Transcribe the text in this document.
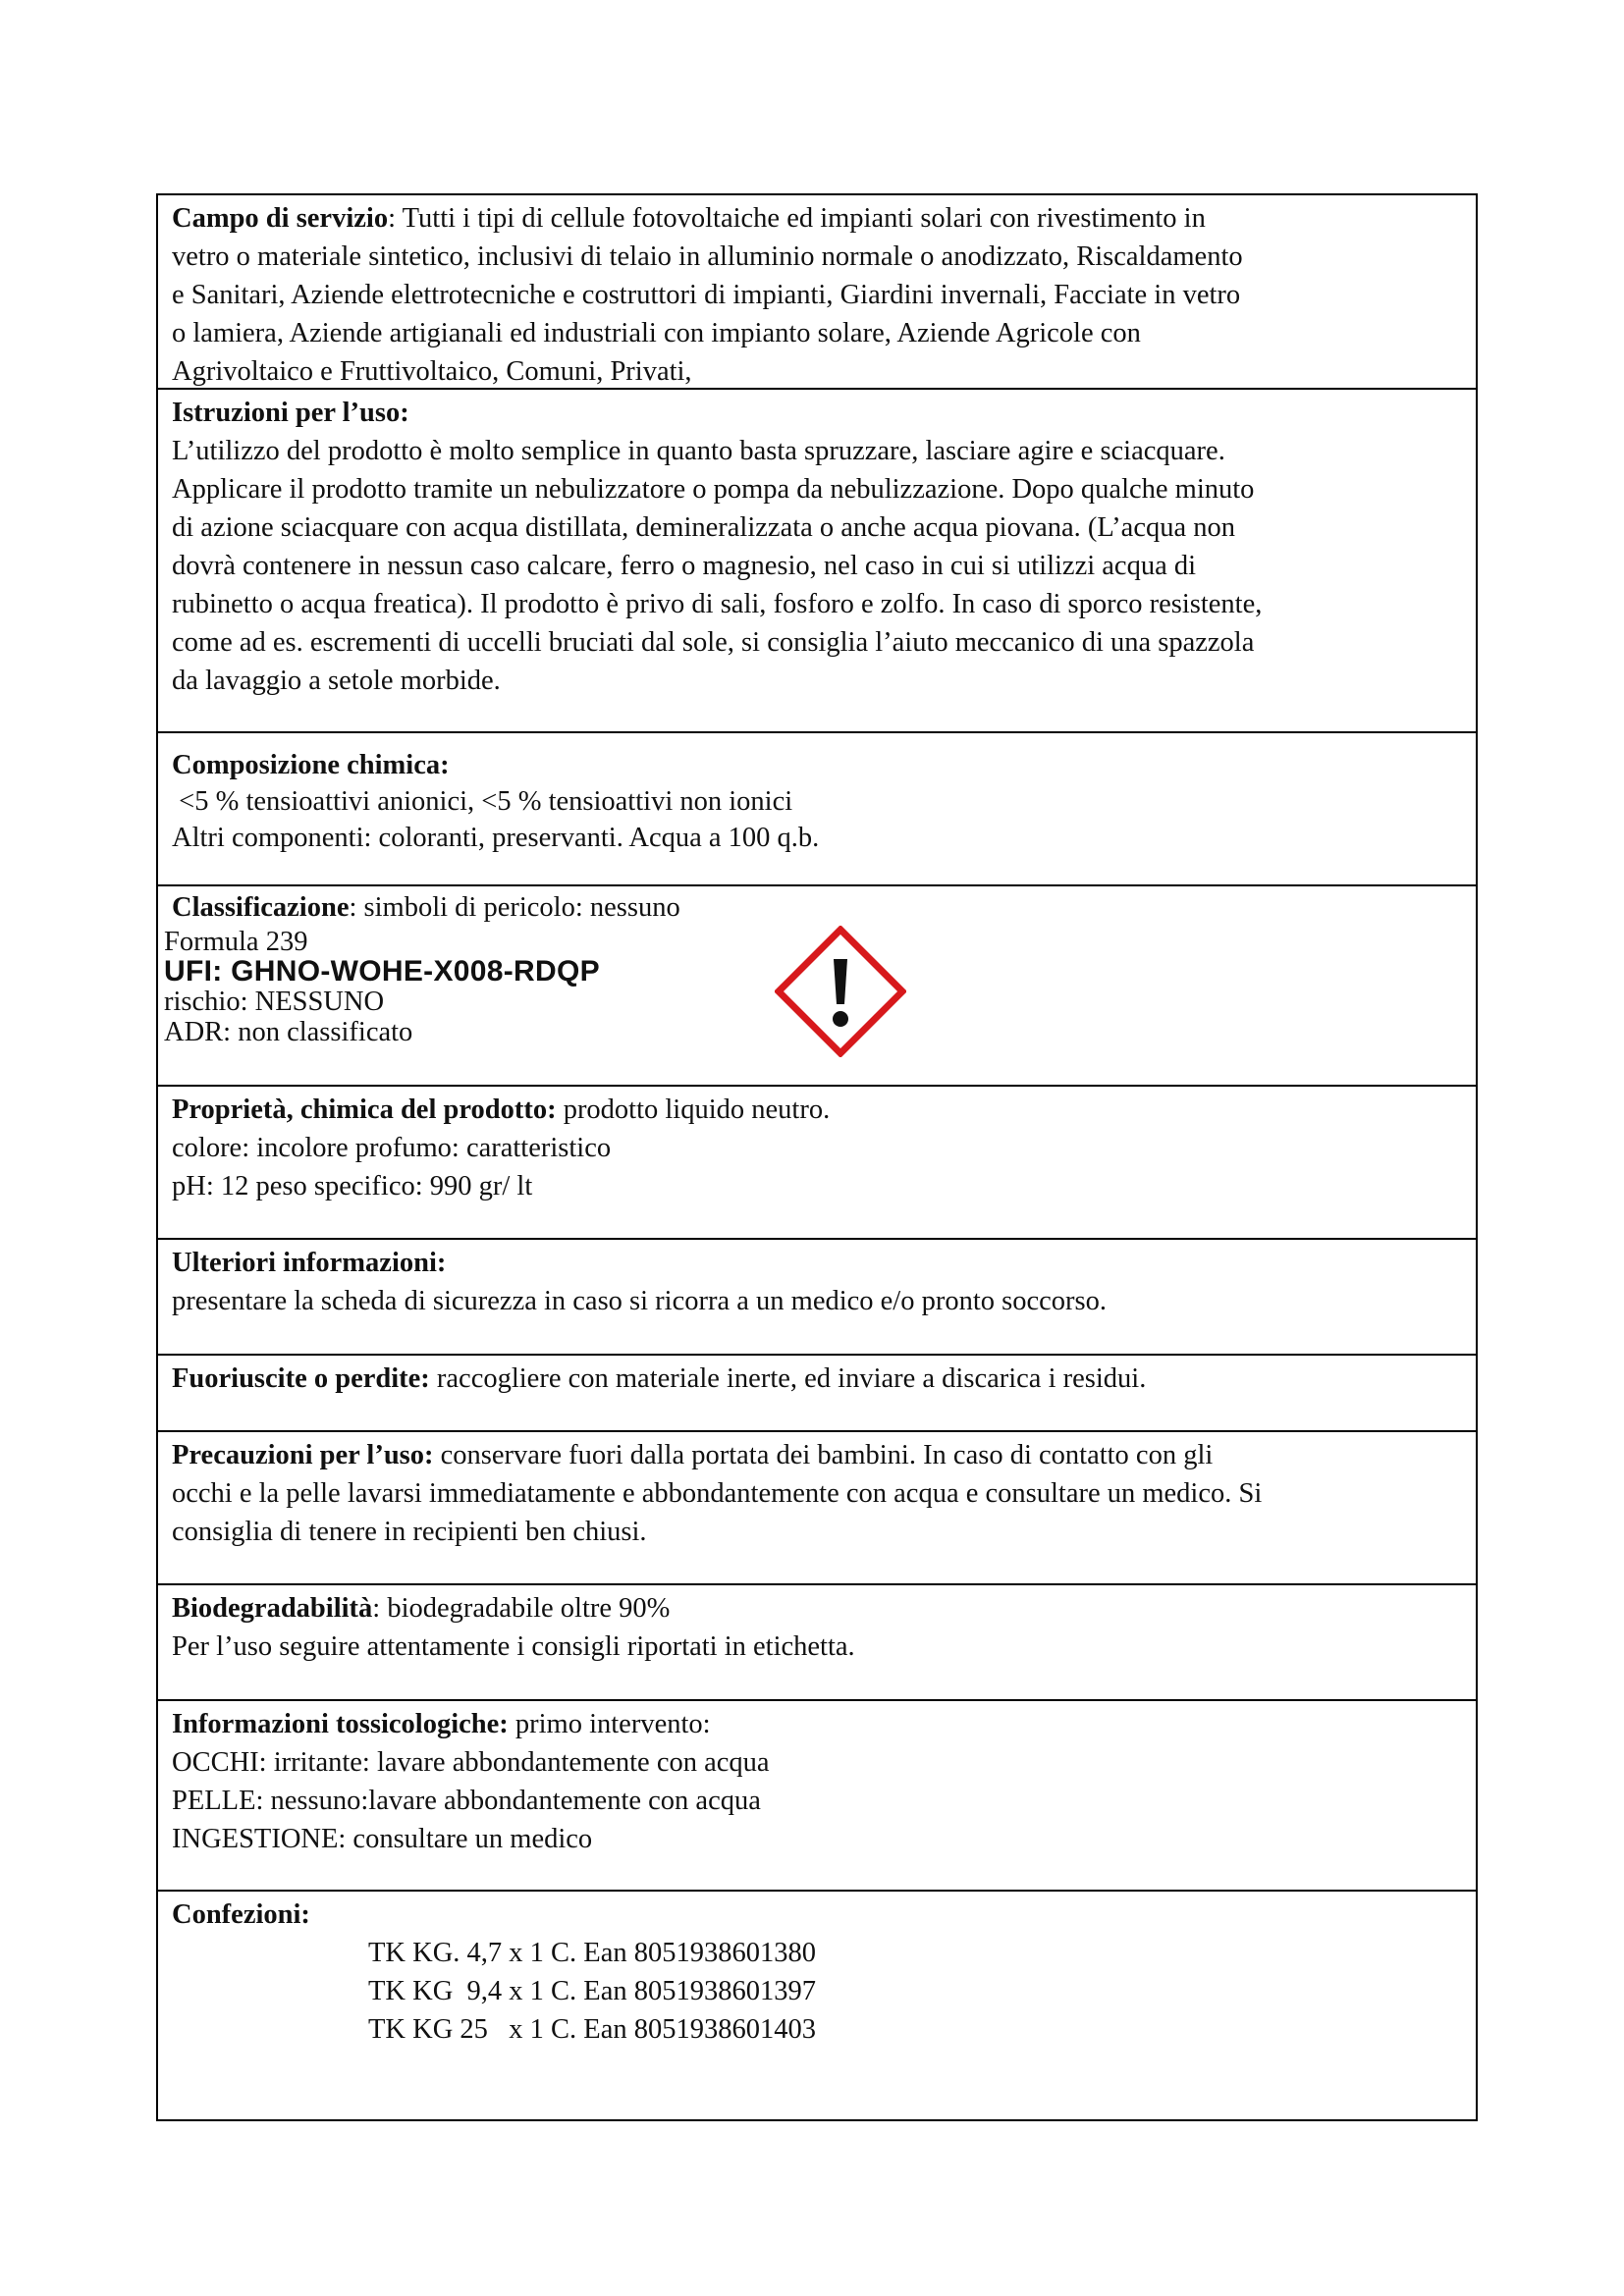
Campo di servizio: Tutti i tipi di cellule fotovoltaiche ed impianti solari con rivestimento in
vetro o materiale sintetico, inclusivi di telaio in alluminio normale o anodizzato, Riscaldamento
e Sanitari, Aziende elettrotecniche e costruttori di impianti, Giardini invernali, Facciate in vetro
o lamiera, Aziende artigianali ed industriali con impianto solare, Aziende Agricole con
Agrivoltaico e Fruttivoltaico, Comuni, Privati,
Istruzioni per l’uso:
L’utilizzo del prodotto è molto semplice in quanto basta spruzzare, lasciare agire e sciacquare.
Applicare il prodotto tramite un nebulizzatore o pompa da nebulizzazione. Dopo qualche minuto
di azione sciacquare con acqua distillata, demineralizzata o anche acqua piovana. (L’acqua non
dovrà contenere in nessun caso calcare, ferro o magnesio, nel caso in cui si utilizzi acqua di
rubinetto o acqua freatica). Il prodotto è privo di sali, fosforo e zolfo. In caso di sporco resistente,
come ad es. escrementi di uccelli bruciati dal sole, si consiglia l’aiuto meccanico di una spazzola
da lavaggio a setole morbide.
Composizione chimica:
<5 % tensioattivi anionici, <5 % tensioattivi non ionici
Altri componenti: coloranti, preservanti. Acqua a 100 q.b.
Classificazione: simboli di pericolo: nessuno
Formula 239
UFI: GHNO-WOHE-X008-RDQP
rischio: NESSUNO
ADR: non classificato
Proprietà, chimica del prodotto: prodotto liquido neutro.
colore: incolore profumo: caratteristico
pH: 12 peso specifico: 990 gr/ lt
Ulteriori informazioni:
presentare la scheda di sicurezza in caso si ricorra a un medico e/o pronto soccorso.
Fuoriuscite o perdite: raccogliere con materiale inerte, ed inviare a discarica i residui.
Precauzioni per l’uso: conservare fuori dalla portata dei bambini. In caso di contatto con gli
occhi e la pelle lavarsi immediatamente e abbondantemente con acqua e consultare un medico. Si
consiglia di tenere in recipienti ben chiusi.
Biodegradabilità: biodegradabile oltre 90%
Per l’uso seguire attentamente i consigli riportati in etichetta.
Informazioni tossicologiche: primo intervento:
OCCHI: irritante: lavare abbondantemente con acqua
PELLE: nessuno:lavare abbondantemente con acqua
INGESTIONE: consultare un medico
Confezioni:
TK KG. 4,7 x 1 C. Ean 8051938601380
TK KG  9,4 x 1 C. Ean 8051938601397
TK KG 25   x 1 C. Ean 8051938601403
